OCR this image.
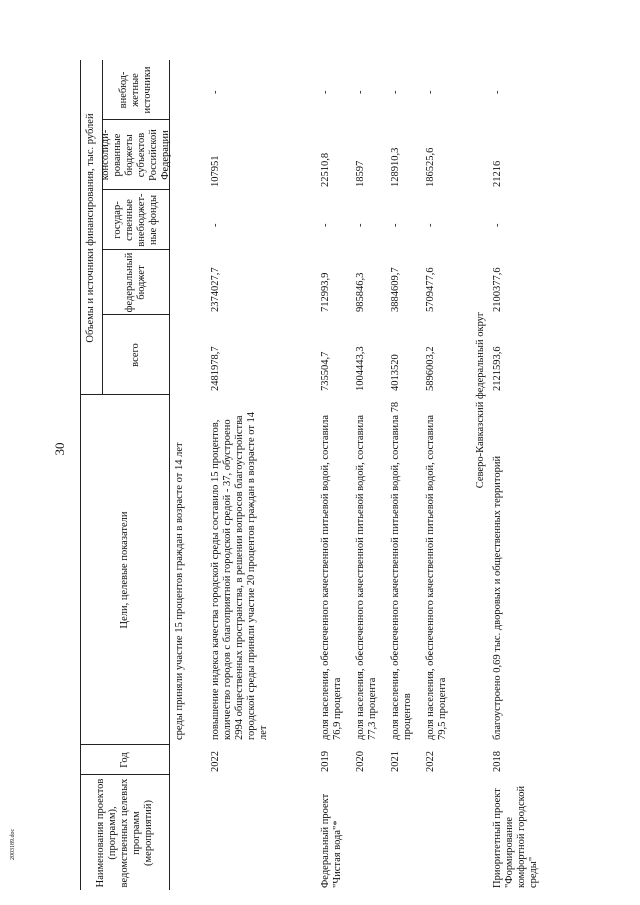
30
2003189.doc	Наименования проектов (программ), ведомственных целевых программ (мероприятий)
Год
Цели, целевые показатели
Объемы и источники финансирования, тыс. рублей
всего
федеральный бюджет
государ-ственные внебюджет-ные фонды
консолиди-рованные бюджеты субъектов Российской Федерации
внебюд-жетные источники
среды приняли участие 15 процентов граждан в возрасте от 14 лет
2022
повышение индекса качества городской среды составило 15 процентов, количество городов с благоприятной городской средой - 37, обустроено 2994 общественных пространства, в решении вопросов благоустройства городской среды приняли участие 20 процентов граждан в возрасте от 14 лет
2481978,7
2374027,7
-
107951
-
Федеральный проект "Чистая вода"*
2019
доля населения, обеспеченного качественной питьевой водой, составила 76,9 процента
735504,7
712993,9
-
22510,8
-
2020
доля населения, обеспеченного качественной питьевой водой, составила 77,3 процента
1004443,3
985846,3
-
18597
-
2021
доля населения, обеспеченного качественной питьевой водой, составила 78 процентов
4013520
3884609,7
-
128910,3
-
2022
доля населения, обеспеченного качественной питьевой водой, составила 79,5 процента
5896003,2
5709477,6
-
186525,6
-
Северо-Кавказский федеральный округ
Приоритетный проект "Формирование комфортной городской среды"
2018
благоустроено 0,69 тыс. дворовых и общественных территорий
2121593,6
2100377,6
-
21216
-
